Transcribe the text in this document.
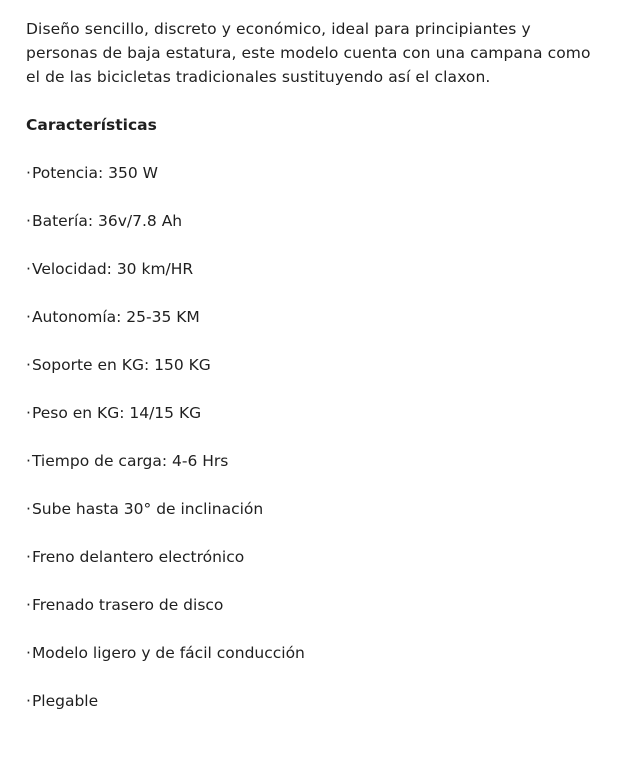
Diseño sencillo, discreto y económico, ideal para principiantes y personas de baja estatura, este modelo cuenta con una campana como el de las bicicletas tradicionales sustituyendo así el claxon.

Características
·Potencia: 350 W
·Batería: 36v/7.8 Ah
·Velocidad: 30 km/HR
·Autonomía: 25-35 KM
·Soporte en KG: 150 KG
·Peso en KG: 14/15 KG
·Tiempo de carga: 4-6 Hrs
·Sube hasta 30° de inclinación
·Freno delantero electrónico
·Frenado trasero de disco
·Modelo ligero y de fácil conducción
·Plegable
